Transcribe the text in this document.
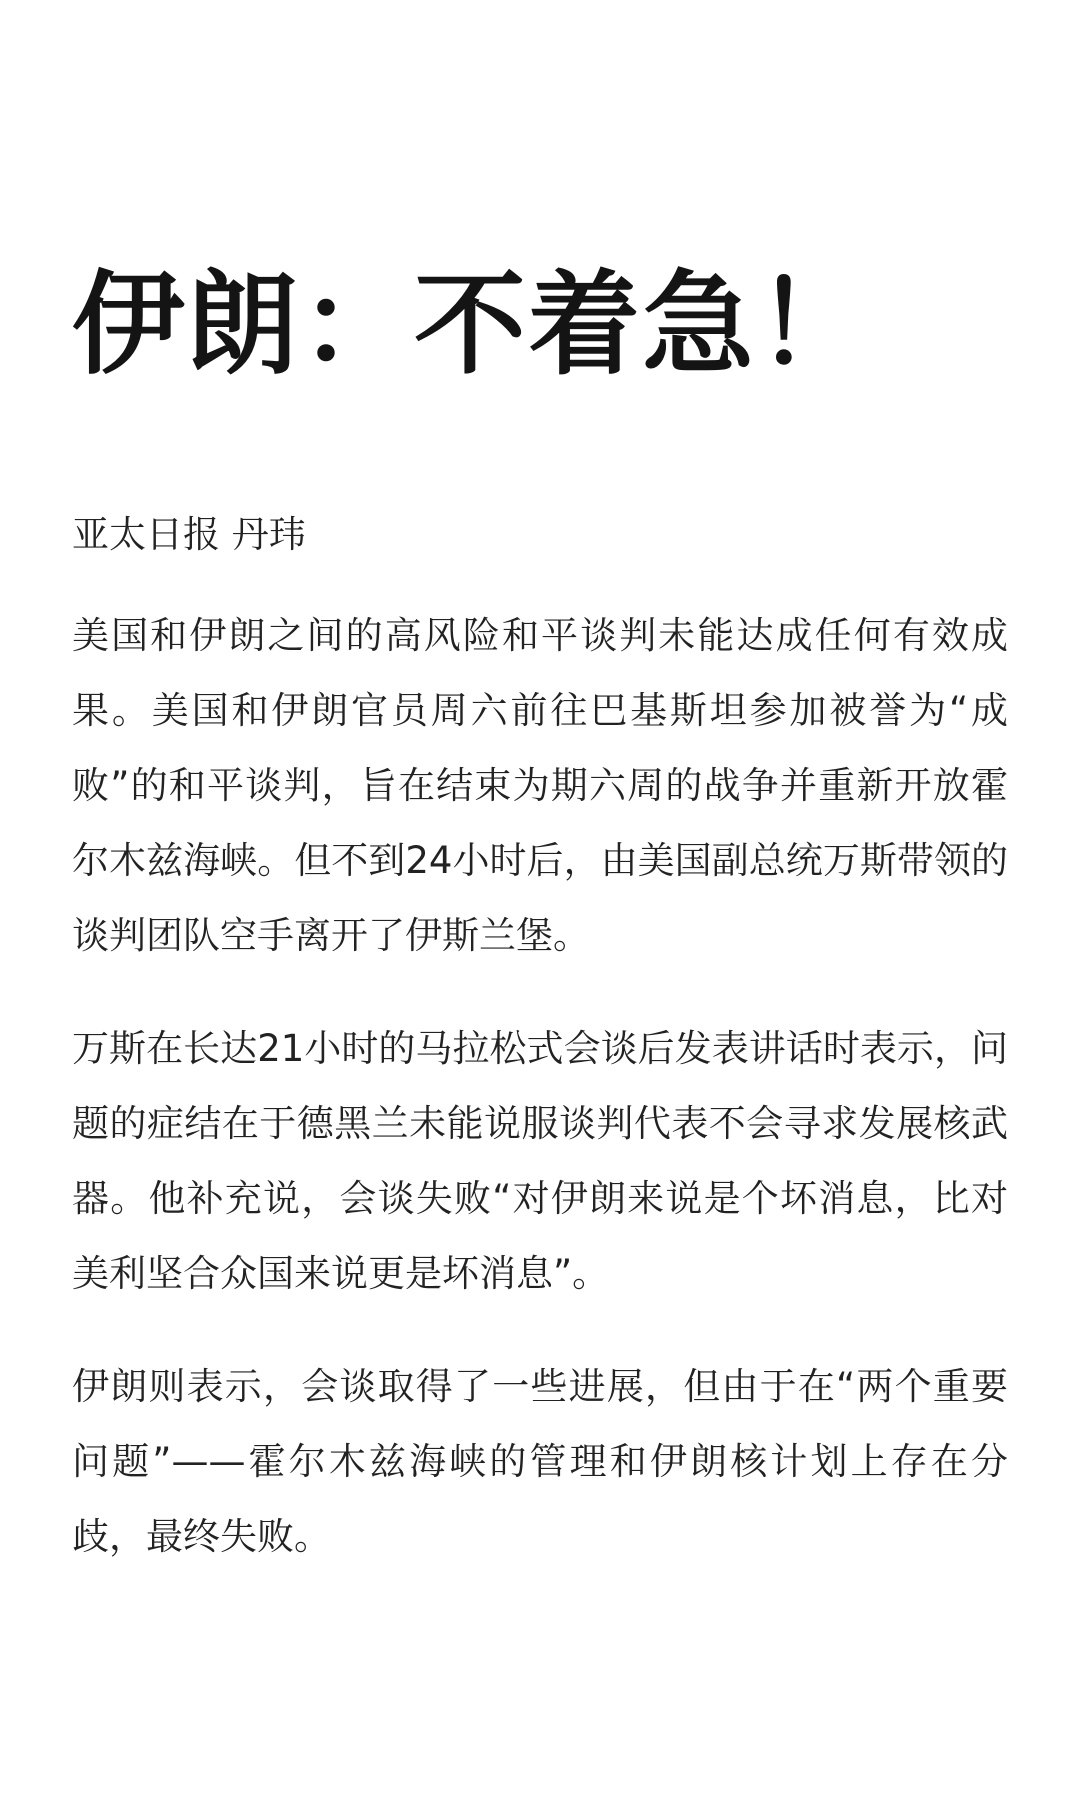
伊朗：不着急！
亚太日报 丹玮

美国和伊朗之间的高风险和平谈判未能达成任何有效成果。美国和伊朗官员周六前往巴基斯坦参加被誉为“成败”的和平谈判，旨在结束为期六周的战争并重新开放霍尔木兹海峡。但不到24小时后，由美国副总统万斯带领的谈判团队空手离开了伊斯兰堡。

万斯在长达21小时的马拉松式会谈后发表讲话时表示，问题的症结在于德黑兰未能说服谈判代表不会寻求发展核武器。他补充说，会谈失败“对伊朗来说是个坏消息，比对美利坚合众国来说更是坏消息”。

伊朗则表示，会谈取得了一些进展，但由于在“两个重要问题”——霍尔木兹海峡的管理和伊朗核计划上存在分歧，最终失败。
